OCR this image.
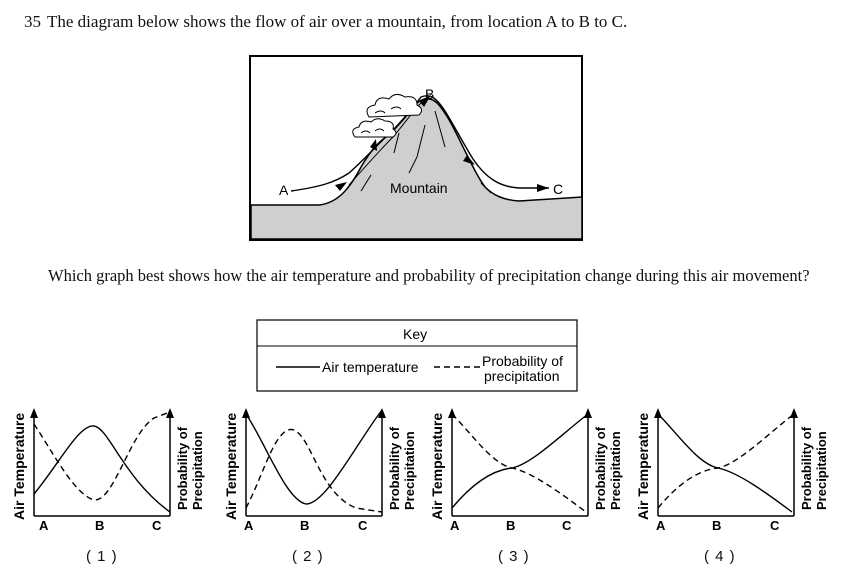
35 The diagram below shows the flow of air over a mountain, from location A to B to C.
A
B
C
Mountain
Which graph best shows how the air temperature and probability of precipitation change during this air movement?
Key
Air temperature	Probability of
precipitation
Air Temperature
A	B	C
Probability of Precipitation
( 1 )
Air Temperature
A	B	C
Probability of Precipitation
( 2 )
Air Temperature
A	B	C
Probability of Precipitation
( 3 )
Air Temperature
A	B	C
Probability of Precipitation
( 4 )
